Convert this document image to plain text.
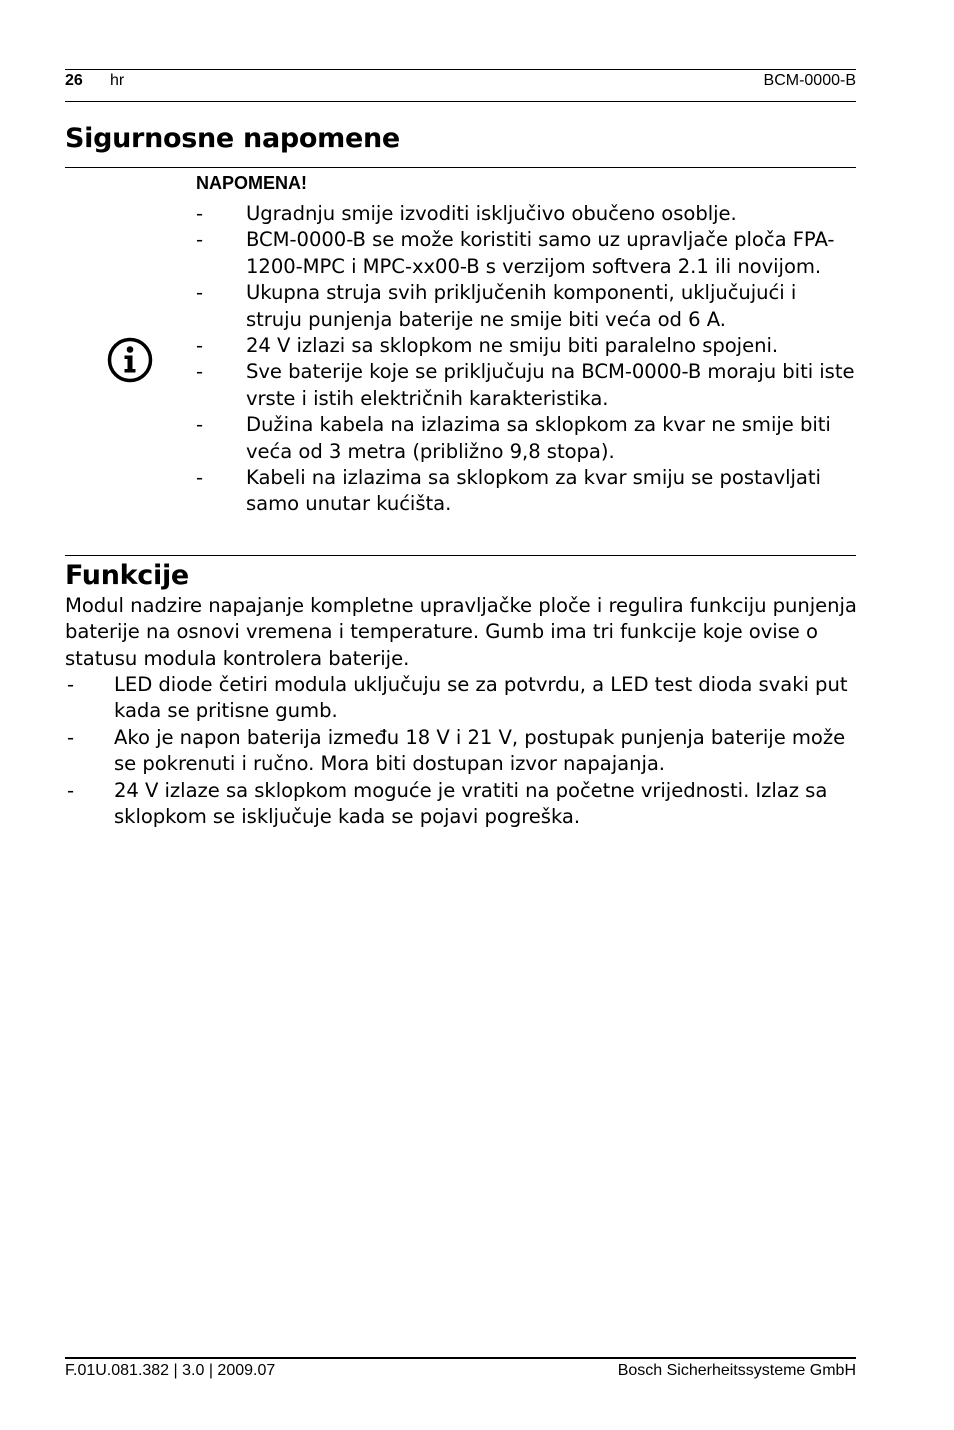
26 hr	BCM-0000-B
Sigurnosne napomene
NAPOMENA!
- Ugradnju smije izvoditi isključivo obučeno osoblje.
- BCM-0000-B se može koristiti samo uz upravljače ploča FPA-1200-MPC i MPC-xx00-B s verzijom softvera 2.1 ili novijom.
- Ukupna struja svih priključenih komponenti, uključujući i struju punjenja baterije ne smije biti veća od 6 A.
- 24 V izlazi sa sklopkom ne smiju biti paralelno spojeni.
- Sve baterije koje se priključuju na BCM-0000-B moraju biti iste vrste i istih električnih karakteristika.
- Dužina kabela na izlazima sa sklopkom za kvar ne smije biti veća od 3 metra (približno 9,8 stopa).
- Kabeli na izlazima sa sklopkom za kvar smiju se postavljati samo unutar kućišta.
Funkcije

Modul nadzire napajanje kompletne upravljačke ploče i regulira funkciju punjenja baterije na osnovi vremena i temperature. Gumb ima tri funkcije koje ovise o statusu modula kontrolera baterije.

- LED diode četiri modula uključuju se za potvrdu, a LED test dioda svaki put kada se pritisne gumb.
- Ako je napon baterija između 18 V i 21 V, postupak punjenja baterije može se pokrenuti i ručno. Mora biti dostupan izvor napajanja.
- 24 V izlaze sa sklopkom moguće je vratiti na početne vrijednosti. Izlaz sa sklopkom se isključuje kada se pojavi pogreška.
F.01U.081.382 | 3.0 | 2009.07	Bosch Sicherheitssysteme GmbH
